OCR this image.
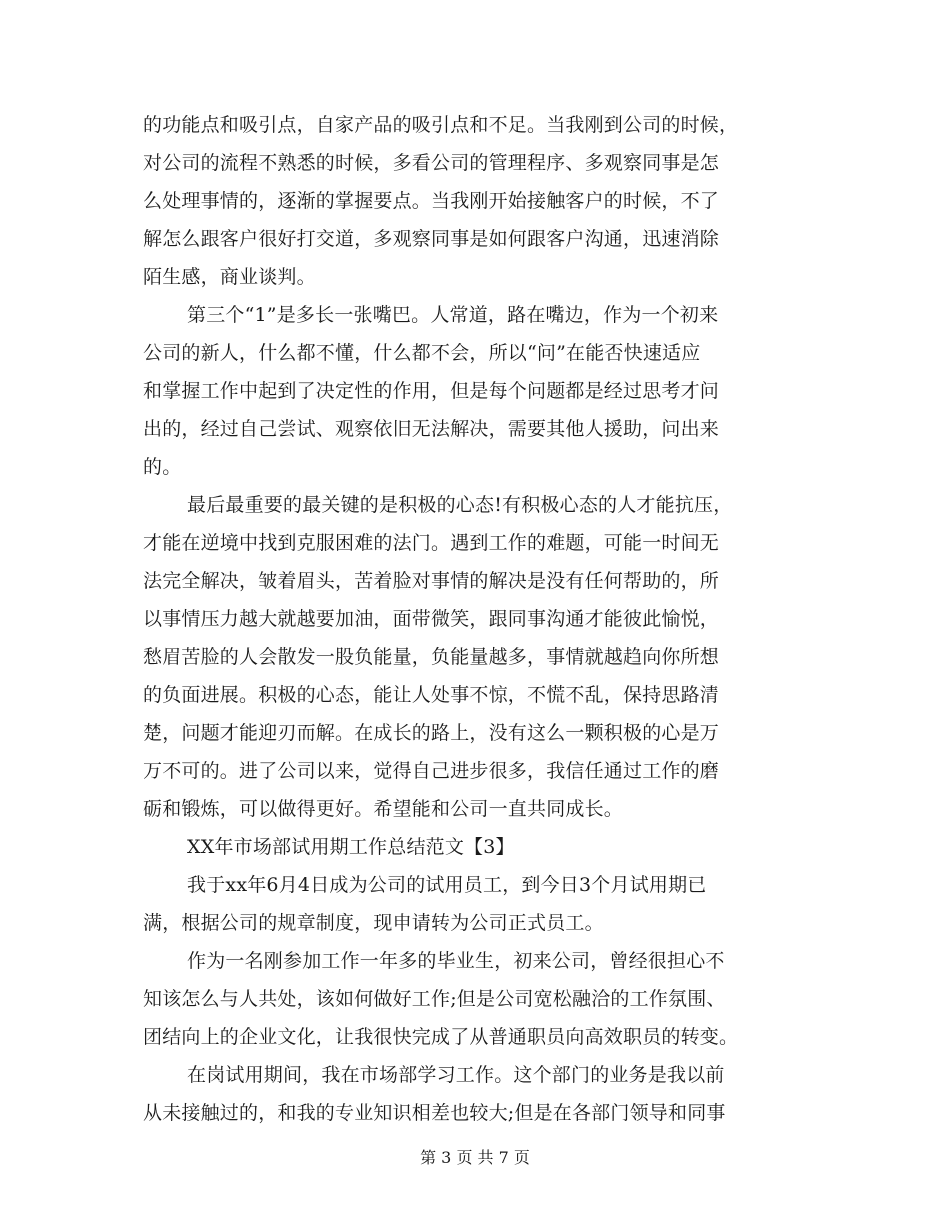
的功能点和吸引点，自家产品的吸引点和不足。当我刚到公司的时候，
对公司的流程不熟悉的时候，多看公司的管理程序、多观察同事是怎
么处理事情的，逐渐的掌握要点。当我刚开始接触客户的时候，不了
解怎么跟客户很好打交道，多观察同事是如何跟客户沟通，迅速消除
陌生感，商业谈判。
第三个“1”是多长一张嘴巴。人常道，路在嘴边，作为一个初来
公司的新人，什么都不懂，什么都不会，所以“问”在能否快速适应
和掌握工作中起到了决定性的作用，但是每个问题都是经过思考才问
出的，经过自己尝试、观察依旧无法解决，需要其他人援助，问出来
的。
最后最重要的最关键的是积极的心态!有积极心态的人才能抗压，
才能在逆境中找到克服困难的法门。遇到工作的难题，可能一时间无
法完全解决，皱着眉头，苦着脸对事情的解决是没有任何帮助的，所
以事情压力越大就越要加油，面带微笑，跟同事沟通才能彼此愉悦，
愁眉苦脸的人会散发一股负能量，负能量越多，事情就越趋向你所想
的负面进展。积极的心态，能让人处事不惊，不慌不乱，保持思路清
楚，问题才能迎刃而解。在成长的路上，没有这么一颗积极的心是万
万不可的。进了公司以来，觉得自己进步很多，我信任通过工作的磨
砺和锻炼，可以做得更好。希望能和公司一直共同成长。
XX年市场部试用期工作总结范文【3】
我于xx年6月4日成为公司的试用员工，到今日3个月试用期已
满，根据公司的规章制度，现申请转为公司正式员工。
作为一名刚参加工作一年多的毕业生，初来公司，曾经很担心不
知该怎么与人共处，该如何做好工作;但是公司宽松融洽的工作氛围、
团结向上的企业文化，让我很快完成了从普通职员向高效职员的转变。
在岗试用期间，我在市场部学习工作。这个部门的业务是我以前
从未接触过的，和我的专业知识相差也较大;但是在各部门领导和同事
第 3 页 共 7 页
